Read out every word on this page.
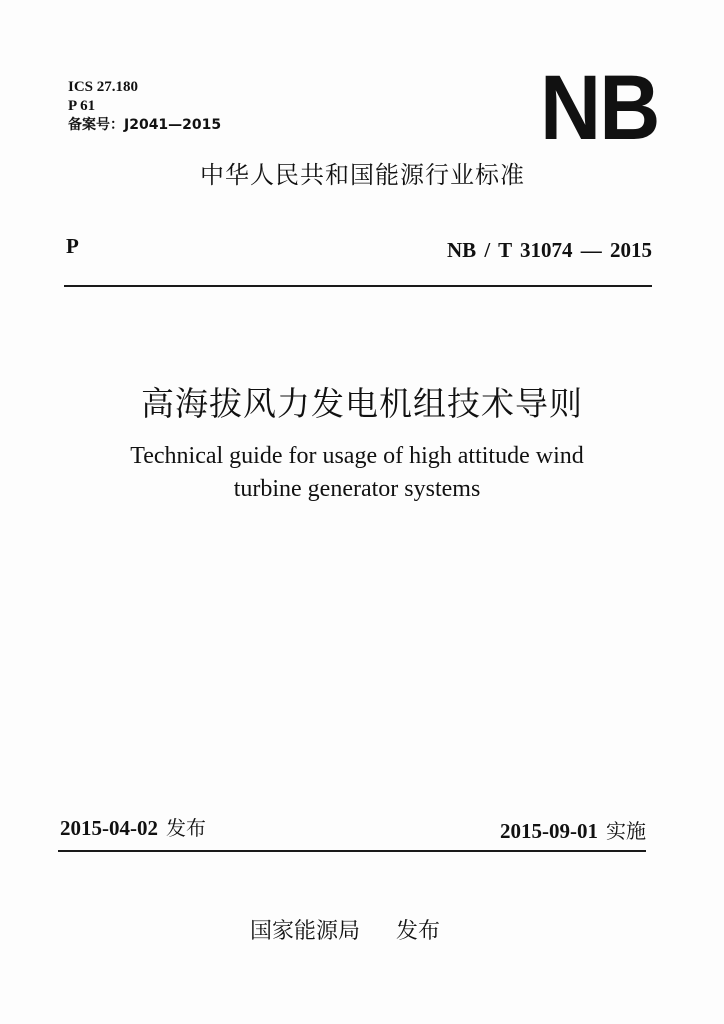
ICS 27.180
P 61
备案号：J2041—2015	NB
中华人民共和国能源行业标准
P	NB / T 31074 — 2015
高海拔风力发电机组技术导则
Technical guide for usage of high attitude wind
turbine generator systems
2015-04-02 发布	2015-09-01 实施
国家能源局 发布
